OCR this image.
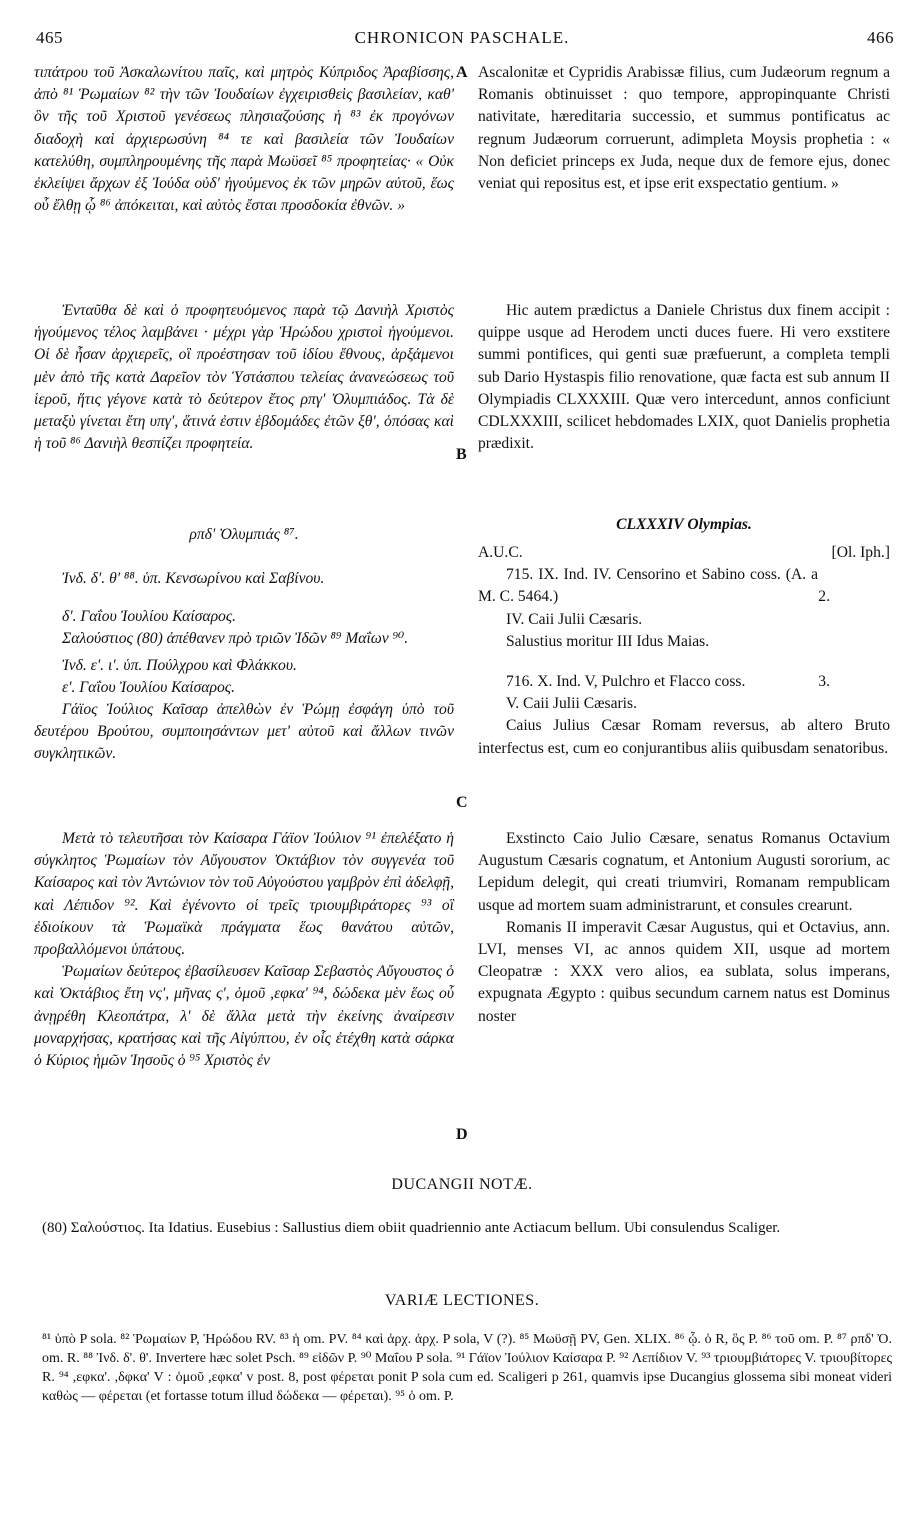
465	CHRONICON PASCHALE.	466
A
B
C
D

τιπάτρου τοῦ Ἀσκαλωνίτου παῖς, καὶ μητρὸς Κύπριδος Ἀραβίσσης, ἀπὸ ⁸¹ Ῥωμαίων ⁸² τὴν τῶν Ἰουδαίων ἐγχειρισθεὶς βασιλείαν, καθ' ὃν τῆς τοῦ Χριστοῦ γενέσεως πλησιαζούσης ἡ ⁸³ ἐκ προγόνων διαδοχὴ καὶ ἀρχιερωσύνη ⁸⁴ τε καὶ βασιλεία τῶν Ἰουδαίων κατελύθη, συμπληρουμένης τῆς παρὰ Μωϋσεῖ ⁸⁵ προφητείας· « Οὐκ ἐκλείψει ἄρχων ἐξ Ἰούδα οὐδ' ἡγούμενος ἐκ τῶν μηρῶν αὐτοῦ, ἕως οὗ ἔλθῃ ᾧ ⁸⁶ ἀπόκειται, καὶ αὐτὸς ἔσται προσδοκία ἐθνῶν. »

Ἐνταῦθα δὲ καὶ ὁ προφητευόμενος παρὰ τῷ Δανιὴλ Χριστὸς ἡγούμενος τέλος λαμβάνει · μέχρι γὰρ Ἡρώδου χριστοὶ ἡγούμενοι. Οἱ δὲ ἦσαν ἀρχιερεῖς, οἳ προέστησαν τοῦ ἰδίου ἔθνους, ἀρξάμενοι μὲν ἀπὸ τῆς κατὰ Δαρεῖον τὸν Ὑστάσπου τελείας ἀνανεώσεως τοῦ ἱεροῦ, ἥτις γέγονε κατὰ τὸ δεύτερον ἔτος ρπγ' Ὀλυμπιάδος. Τὰ δὲ μεταξὺ γίνεται ἔτη υπγ', ἅτινά ἐστιν ἑβδομάδες ἐτῶν ξθ', ὁπόσας καὶ ἡ τοῦ ⁸⁶ Δανιὴλ θεσπίζει προφητεία.

ρπδ' Ὀλυμπιάς ⁸⁷.

Ἰνδ. δ'. θ' ⁸⁸. ὑπ. Κενσωρίνου καὶ Σαβίνου.

δ'. Γαΐου Ἰουλίου Καίσαρος.

Σαλούστιος (80) ἀπέθανεν πρὸ τριῶν Ἰδῶν ⁸⁹ Μαΐων ⁹⁰.

Ἰνδ. ε'. ι'. ὑπ. Πούλχρου καὶ Φλάκκου.

ε'. Γαΐου Ἰουλίου Καίσαρος.

Γάϊος Ἰούλιος Καῖσαρ ἀπελθὼν ἐν Ῥώμῃ ἐσφάγη ὑπὸ τοῦ δευτέρου Βρούτου, συμποιησάντων μετ' αὐτοῦ καὶ ἄλλων τινῶν συγκλητικῶν.

Μετὰ τὸ τελευτῆσαι τὸν Καίσαρα Γάϊον Ἰούλιον ⁹¹ ἐπελέξατο ἡ σύγκλητος Ῥωμαίων τὸν Αὔγουστον Ὀκτάβιον τὸν συγγενέα τοῦ Καίσαρος καὶ τὸν Ἀντώνιον τὸν τοῦ Αὐγούστου γαμβρὸν ἐπὶ ἀδελφῇ, καὶ Λέπιδον ⁹². Καὶ ἐγένοντο οἱ τρεῖς τριουμβιράτορες ⁹³ οἳ ἐδιοίκουν τὰ Ῥωμαϊκὰ πράγματα ἕως θανάτου αὐτῶν, προβαλλόμενοι ὑπάτους.

Ῥωμαίων δεύτερος ἐβασίλευσεν Καῖσαρ Σεβαστὸς Αὔγουστος ὁ καὶ Ὀκτάβιος ἔτη νς', μῆνας ς', ὁμοῦ ,εφκα' ⁹⁴, δώδεκα μὲν ἕως οὗ ἀνῃρέθη Κλεοπάτρα, λ' δὲ ἄλλα μετὰ τὴν ἐκείνης ἀναίρεσιν μοναρχήσας, κρατήσας καὶ τῆς Αἰγύπτου, ἐν οἷς ἐτέχθη κατὰ σάρκα ὁ Κύριος ἡμῶν Ἰησοῦς ὁ ⁹⁵ Χριστὸς ἐν

Ascalonitæ et Cypridis Arabissæ filius, cum Judæorum regnum a Romanis obtinuisset : quo tempore, appropinquante Christi nativitate, hæreditaria successio, et summus pontificatus ac regnum Judæorum corruerunt, adimpleta Moysis prophetia : « Non deficiet princeps ex Juda, neque dux de femore ejus, donec veniat qui repositus est, et ipse erit exspectatio gentium. »

Hic autem prædictus a Daniele Christus dux finem accipit : quippe usque ad Herodem uncti duces fuere. Hi vero exstitere summi pontifices, qui genti suæ præfuerunt, a completa templi sub Dario Hystaspis filio renovatione, quæ facta est sub annum II Olympiadis CLXXXIII. Quæ vero intercedunt, annos conficiunt CDLXXXIII, scilicet hebdomades LXIX, quot Danielis prophetia prædixit.

CLXXXIV Olympias.
A.U.C.	[Ol. Iph.]
715. IX. Ind. IV. Censorino et Sabino coss. (A. a M. C. 5464.)	2.

IV. Caii Julii Cæsaris.

Salustius moritur III Idus Maias.

716. X. Ind. V, Pulchro et Flacco coss.	3.

V. Caii Julii Cæsaris.

Caius Julius Cæsar Romam reversus, ab altero Bruto interfectus est, cum eo conjurantibus aliis quibusdam senatoribus.

Exstincto Caio Julio Cæsare, senatus Romanus Octavium Augustum Cæsaris cognatum, et Antonium Augusti sororium, ac Lepidum delegit, qui creati triumviri, Romanam rempublicam usque ad mortem suam administrarunt, et consules crearunt.

Romanis II imperavit Cæsar Augustus, qui et Octavius, ann. LVI, menses VI, ac annos quidem XII, usque ad mortem Cleopatræ : XXX vero alios, ea sublata, solus imperans, expugnata Ægypto : quibus secundum carnem natus est Dominus noster

DUCANGII NOTÆ.
(80) Σαλούστιος. Ita Idatius. Eusebius : Sallustius diem obiit quadriennio ante Actiacum bellum. Ubi consulendus Scaliger.
VARIÆ LECTIONES.
⁸¹ ὑπὸ P sola. ⁸² Ῥωμαίων P, Ἡρώδου RV. ⁸³ ἡ om. PV. ⁸⁴ καὶ ἀρχ. ἀρχ. P sola, V (?). ⁸⁵ Μωϋσῇ PV, Gen. XLIX. ⁸⁶ ᾧ. ὁ R, ὃς P. ⁸⁶ τοῦ om. P. ⁸⁷ ρπδ' Ὀ. om. R. ⁸⁸ Ἰνδ. δ'. θ'. Invertere hæc solet Psch. ⁸⁹ εἰδῶν P. ⁹⁰ Μαΐου P sola. ⁹¹ Γάϊον Ἰούλιον Καίσαρα P. ⁹² Λεπίδιον V. ⁹³ τριουμβιάτορες V. τριουβίτορες R. ⁹⁴ ,εφκα'. ,δφκα' V : ὁμοῦ ,εφκα' v post. 8, post φέρεται ponit P sola cum ed. Scaligeri p 261, quamvis ipse Ducangius glossema sibi moneat videri καθὼς — φέρεται (et fortasse totum illud δώδεκα — φέρεται). ⁹⁵ ὁ om. P.
